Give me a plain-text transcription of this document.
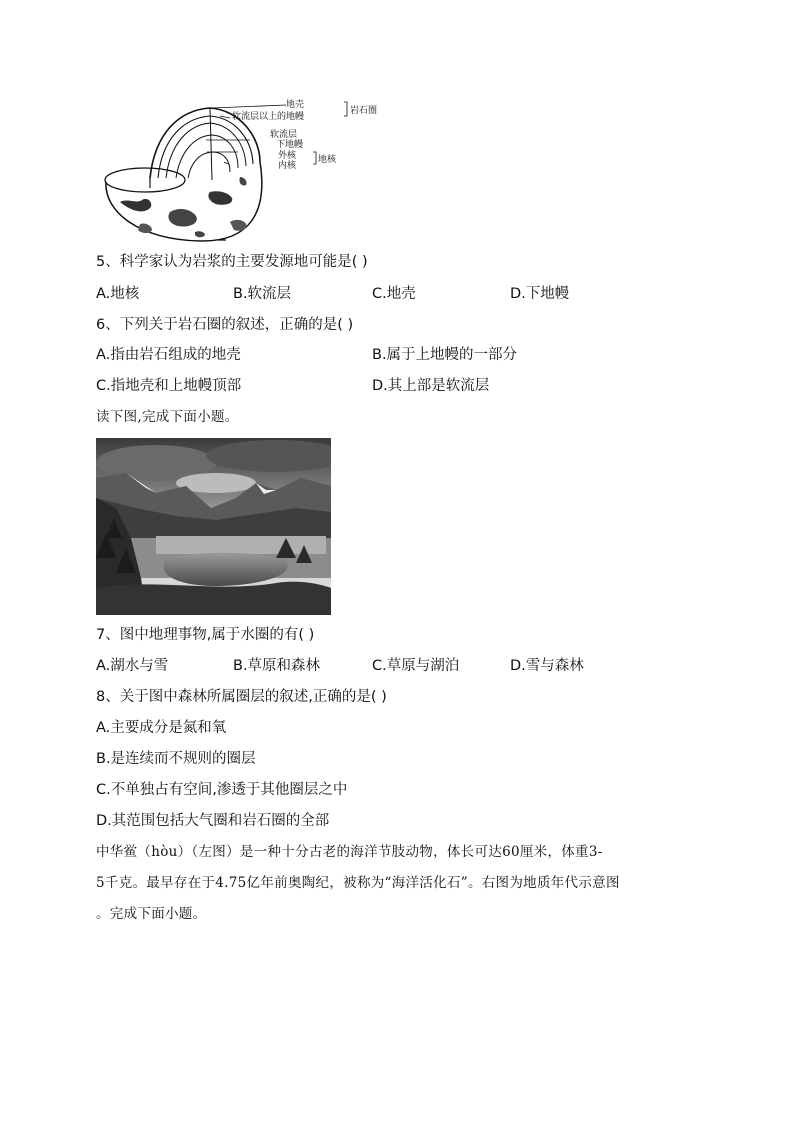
地壳
软流层以上的地幔
岩石圈
软流层
下地幔
外核
内核
地核
5、科学家认为岩浆的主要发源地可能是( )
A.地核	B.软流层	C.地壳	D.下地幔
6、下列关于岩石圈的叙述，正确的是( )
A.指由岩石组成的地壳	B.属于上地幔的一部分
C.指地壳和上地幔顶部	D.其上部是软流层
读下图,完成下面小题。
7、图中地理事物,属于水圈的有( )
A.湖水与雪	B.草原和森林	C.草原与湖泊	D.雪与森林
8、关于图中森林所属圈层的叙述,正确的是( )
A.主要成分是氮和氧
B.是连续而不规则的圈层
C.不单独占有空间,渗透于其他圈层之中
D.其范围包括大气圈和岩石圈的全部
中华鲎（hòu）（左图）是一种十分古老的海洋节肢动物，体长可达60厘米，体重3-
5千克。最早存在于4.75亿年前奥陶纪，被称为“海洋活化石”。右图为地质年代示意图
。完成下面小题。
